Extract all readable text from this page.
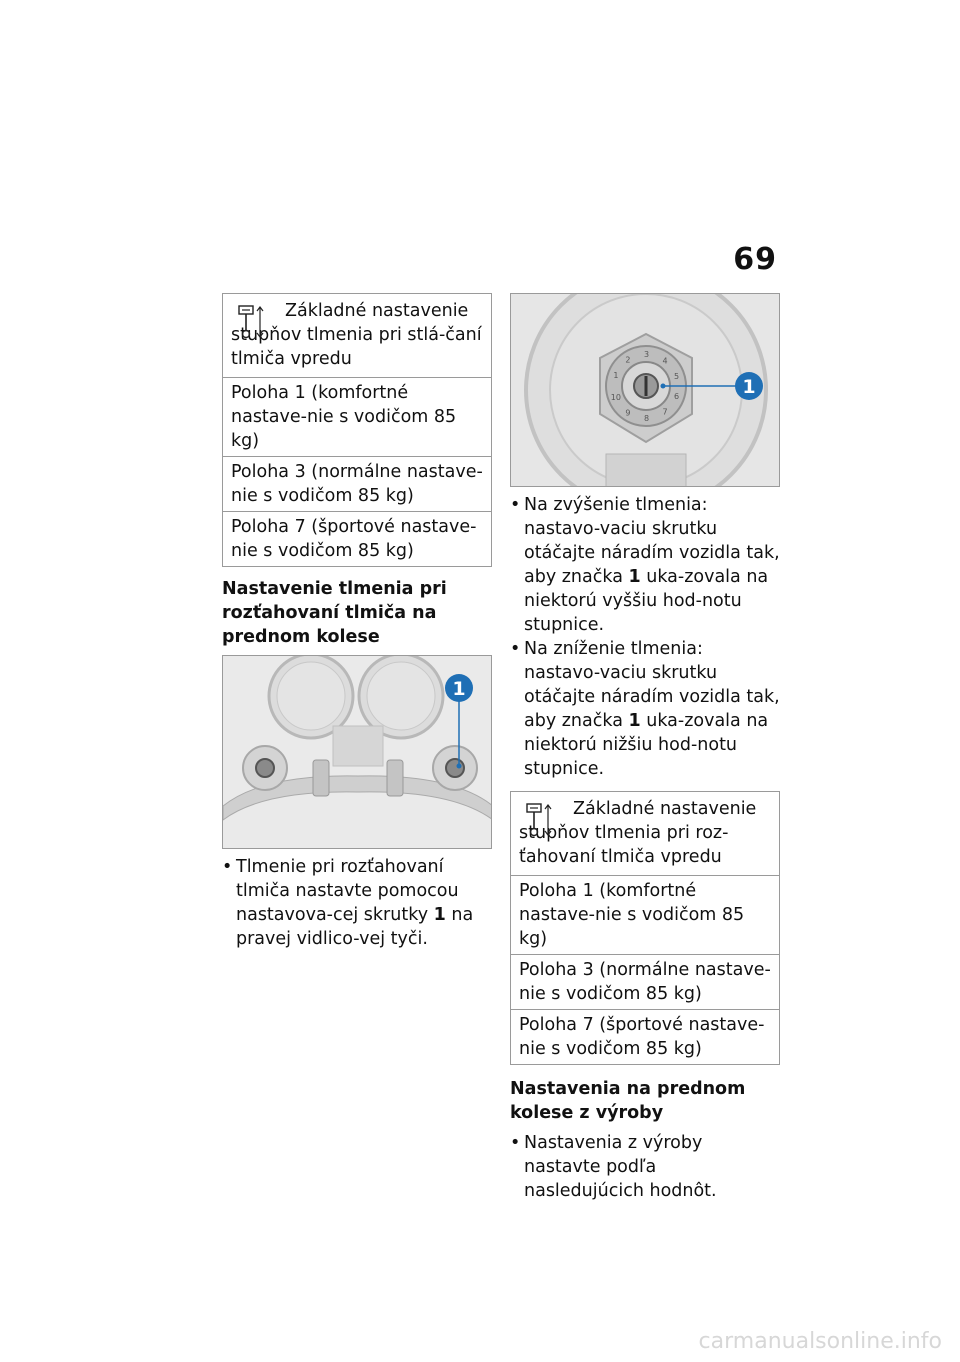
69
Základné nastavenie stupňov tlmenia pri stlá-čaní tlmiča vpredu
Poloha 1 (komfortné nastave-nie s vodičom 85 kg)
Poloha 3 (normálne nastave-nie s vodičom 85 kg)
Poloha 7 (športové nastave-nie s vodičom 85 kg)
Nastavenie tlmenia pri rozťahovaní tlmiča na prednom kolese
1

• Tlmenie pri rozťahovaní tlmiča nastavte pomocou nastavova-cej skrutky 1 na pravej vidlico-vej tyči.

1
2
3
4
5
6
7
8
9
10	1

• Na zvýšenie tlmenia: nastavo-vaciu skrutku otáčajte náradím vozidla tak, aby značka 1 uka-zovala na niektorú vyššiu hod-notu stupnice.

• Na zníženie tlmenia: nastavo-vaciu skrutku otáčajte náradím vozidla tak, aby značka 1 uka-zovala na niektorú nižšiu hod-notu stupnice.

Základné nastavenie stupňov tlmenia pri roz-ťahovaní tlmiča vpredu
Poloha 1 (komfortné nastave-nie s vodičom 85 kg)
Poloha 3 (normálne nastave-nie s vodičom 85 kg)
Poloha 7 (športové nastave-nie s vodičom 85 kg)
Nastavenia na prednom kolese z výroby

• Nastavenia z výroby nastavte podľa nasledujúcich hodnôt.

carmanualsonline.info
